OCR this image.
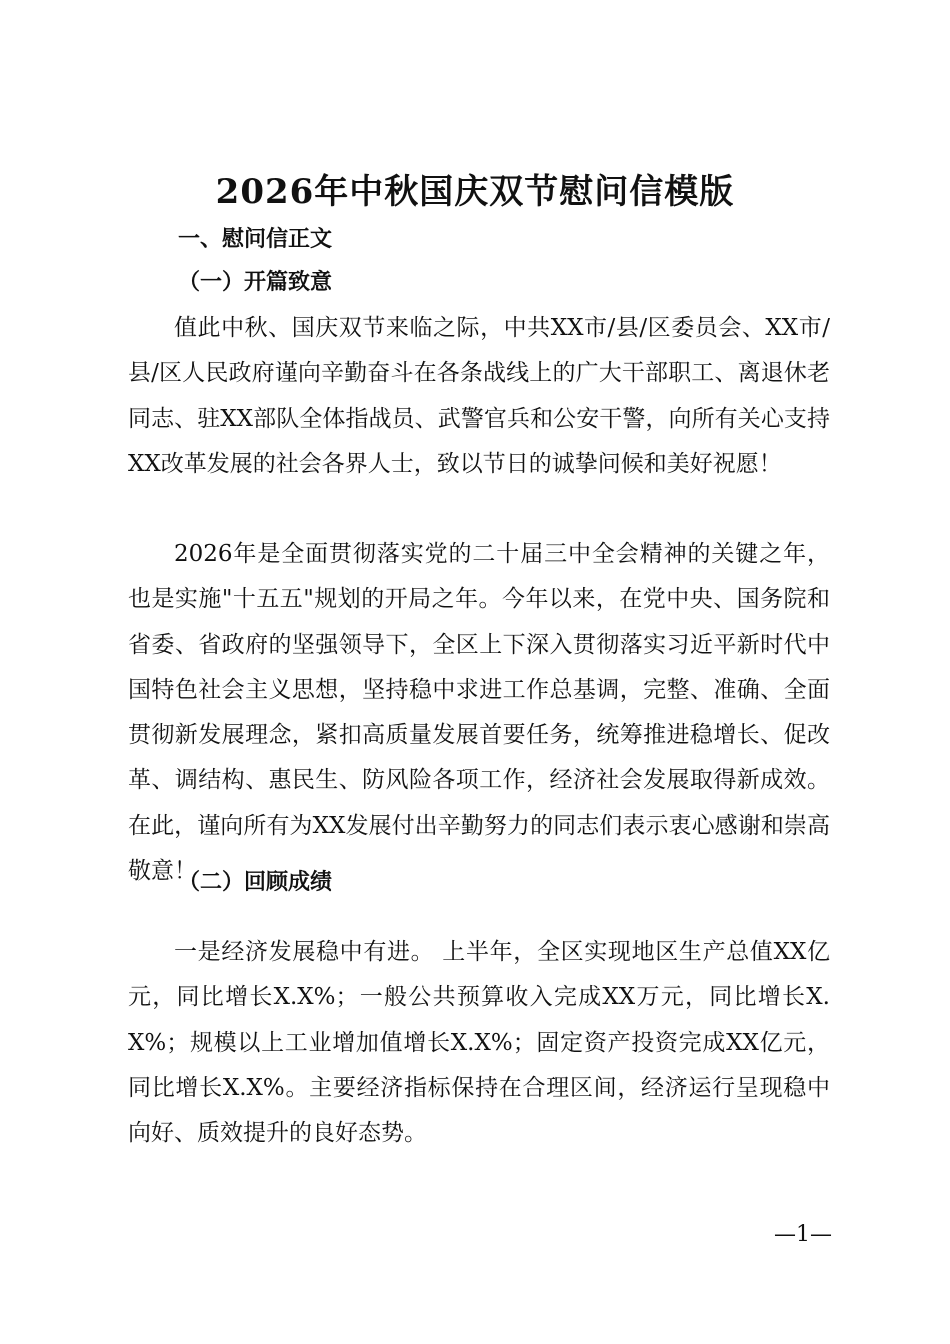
2026年中秋国庆双节慰问信模版
一、慰问信正文
（一）开篇致意

值此中秋、国庆双节来临之际，中共XX市/县/区委员会、XX市/县/区人民政府谨向辛勤奋斗在各条战线上的广大干部职工、离退休老同志、驻XX部队全体指战员、武警官兵和公安干警，向所有关心支持XX改革发展的社会各界人士，致以节日的诚挚问候和美好祝愿！

2026年是全面贯彻落实党的二十届三中全会精神的关键之年，也是实施"十五五"规划的开局之年。今年以来，在党中央、国务院和省委、省政府的坚强领导下，全区上下深入贯彻落实习近平新时代中国特色社会主义思想，坚持稳中求进工作总基调，完整、准确、全面贯彻新发展理念，紧扣高质量发展首要任务，统筹推进稳增长、促改革、调结构、惠民生、防风险各项工作，经济社会发展取得新成效。在此，谨向所有为XX发展付出辛勤努力的同志们表示衷心感谢和崇高敬意！

（二）回顾成绩

一是经济发展稳中有进。 上半年，全区实现地区生产总值XX亿元，同比增长X.X%；一般公共预算收入完成XX万元，同比增长X.X%；规模以上工业增加值增长X.X%；固定资产投资完成XX亿元，同比增长X.X%。主要经济指标保持在合理区间，经济运行呈现稳中向好、质效提升的良好态势。

—1—
